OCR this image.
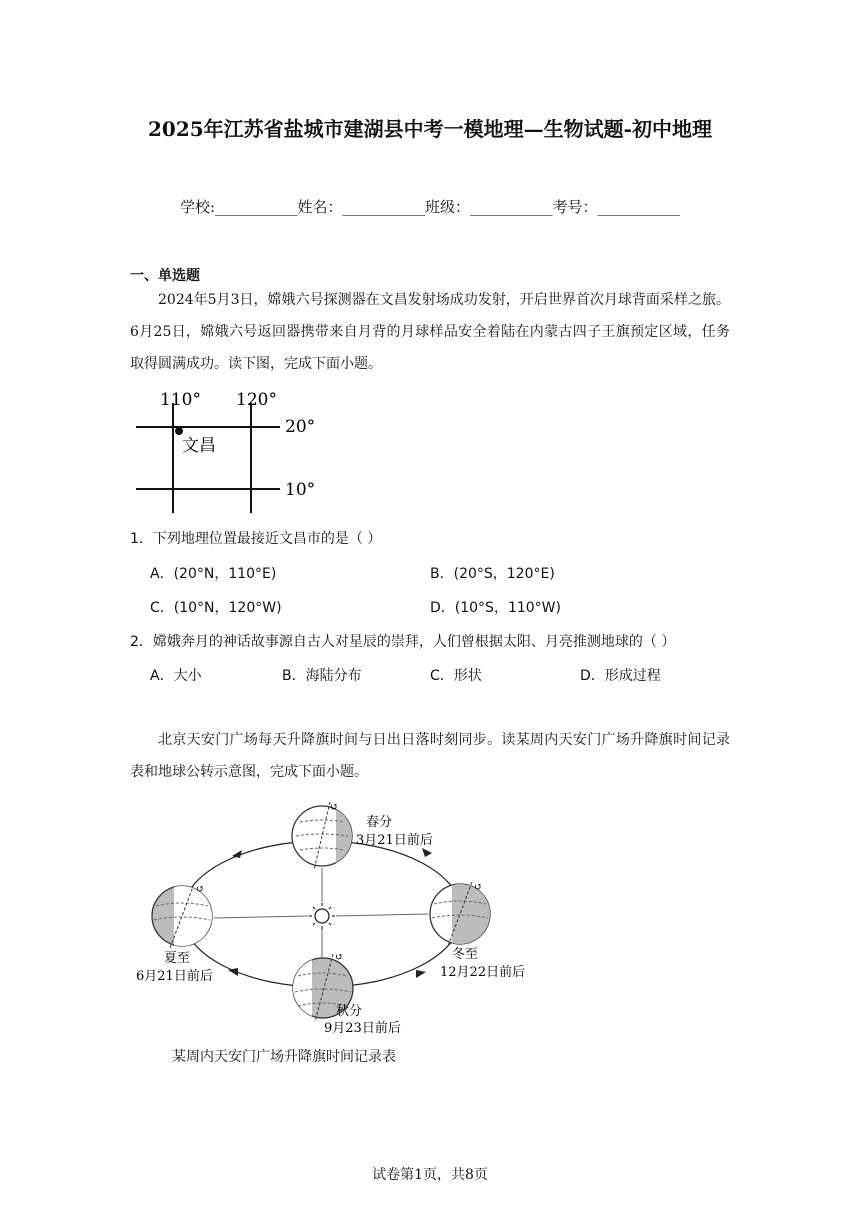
2025年江苏省盐城市建湖县中考一模地理—生物试题-初中地理
学校:___________姓名：___________班级：___________考号：___________
一、单选题
2024年5月3日，嫦娥六号探测器在文昌发射场成功发射，开启世界首次月球背面采样之旅。6月25日，嫦娥六号返回器携带来自月背的月球样品安全着陆在内蒙古四子王旗预定区域，任务取得圆满成功。读下图，完成下面小题。
110° 120°
20°
10°
文昌
1．下列地理位置最接近文昌市的是（ ）
A．(20°N，110°E)	B．(20°S，120°E)
C．(10°N，120°W)	D．(10°S，110°W)
2．嫦娥奔月的神话故事源自古人对星辰的崇拜，人们曾根据太阳、月亮推测地球的（ ）
A．大小	B．海陆分布	C．形状	D．形成过程
北京天安门广场每天升降旗时间与日出日落时刻同步。读某周内天安门广场升降旗时间记录表和地球公转示意图，完成下面小题。
↺
↺	↺
↺
春分
3月21日前后
夏至
6月21日前后
冬至
12月22日前后
秋分
9月23日前后
某周内天安门广场升降旗时间记录表
试卷第1页，共8页
